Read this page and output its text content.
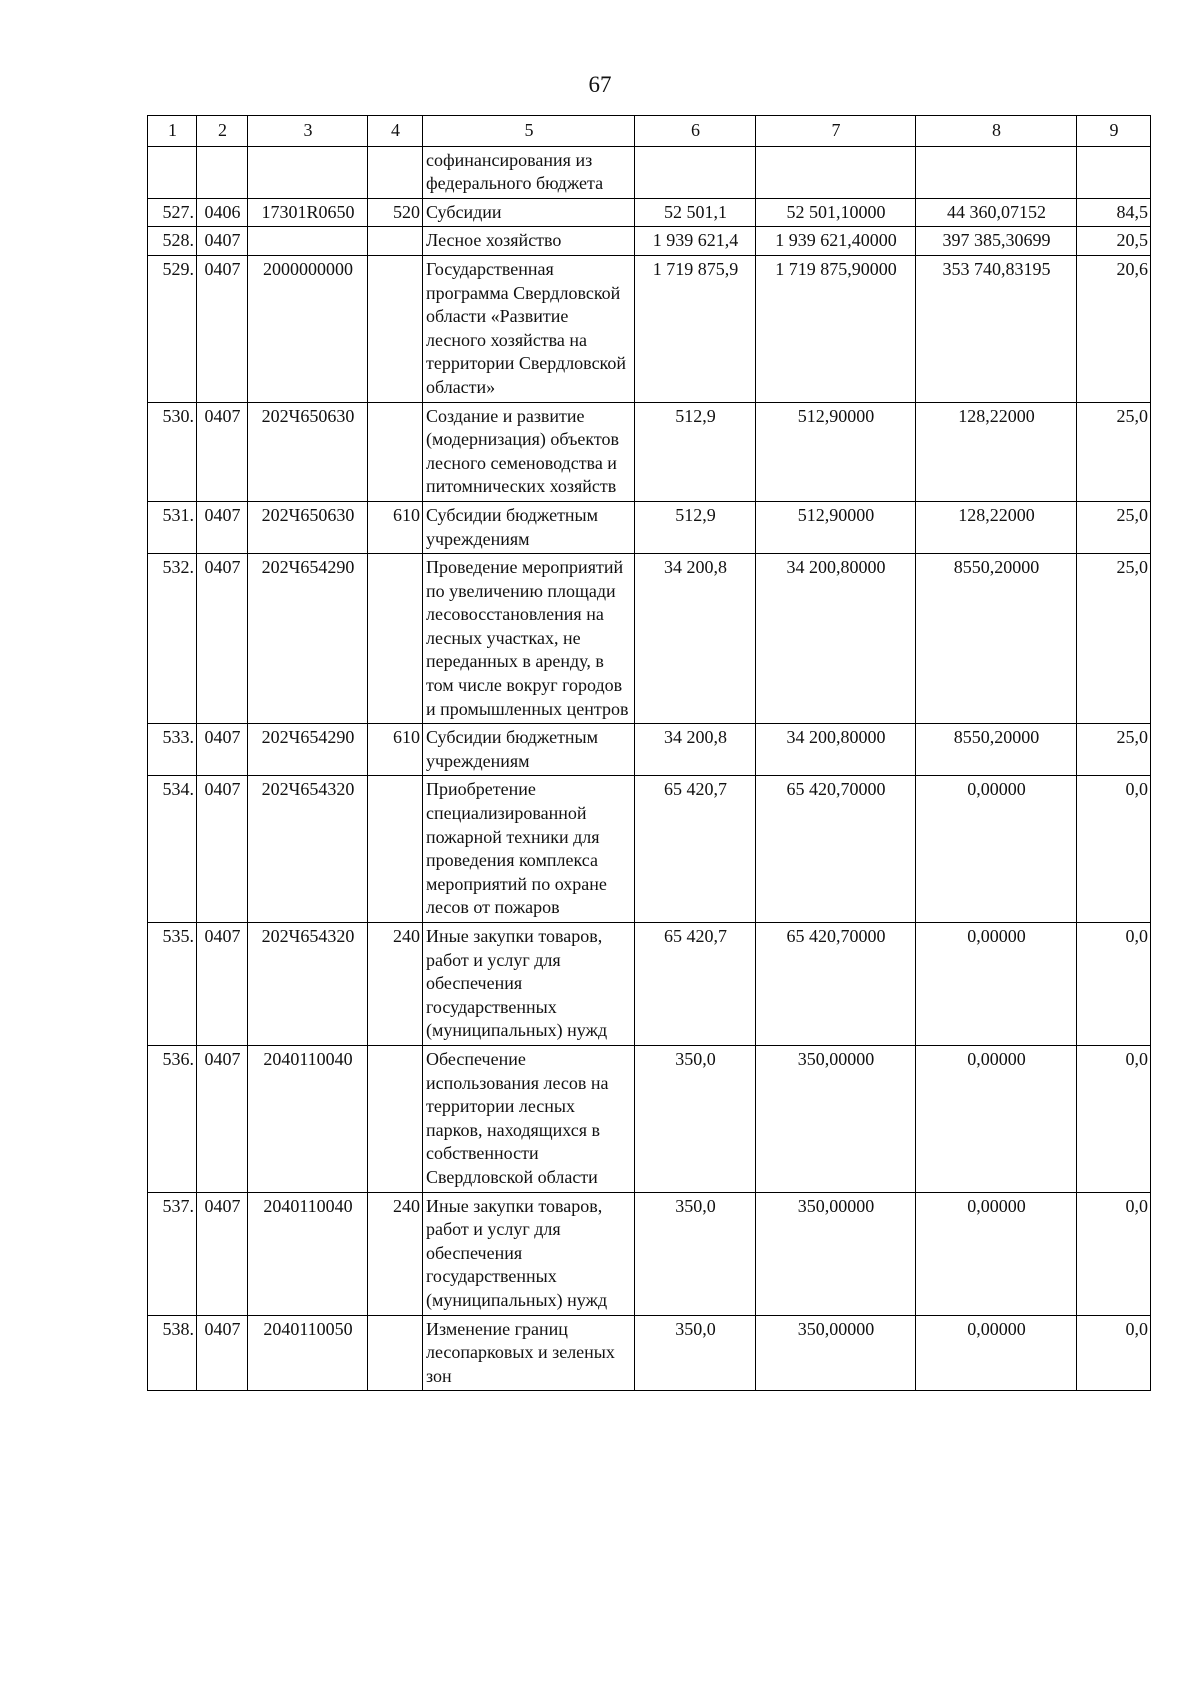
67
1	2	3	4	5	6	7	8	9
				софинансирования из федерального бюджета				
527.	0406	17301R0650	520	Субсидии	52 501,1	52 501,10000	44 360,07152	84,5
528.	0407			Лесное хозяйство	1 939 621,4	1 939 621,40000	397 385,30699	20,5
529.	0407	2000000000		Государственная программа Свердловской области «Развитие лесного хозяйства на территории Свердловской области»	1 719 875,9	1 719 875,90000	353 740,83195	20,6
530.	0407	202Ч650630		Создание и развитие (модернизация) объектов лесного семеноводства и питомнических хозяйств	512,9	512,90000	128,22000	25,0
531.	0407	202Ч650630	610	Субсидии бюджетным учреждениям	512,9	512,90000	128,22000	25,0
532.	0407	202Ч654290		Проведение мероприятий по увеличению площади лесовосстановления на лесных участках, не переданных в аренду, в том числе вокруг городов и промышленных центров	34 200,8	34 200,80000	8550,20000	25,0
533.	0407	202Ч654290	610	Субсидии бюджетным учреждениям	34 200,8	34 200,80000	8550,20000	25,0
534.	0407	202Ч654320		Приобретение специализированной пожарной техники для проведения комплекса мероприятий по охране лесов от пожаров	65 420,7	65 420,70000	0,00000	0,0
535.	0407	202Ч654320	240	Иные закупки товаров, работ и услуг для обеспечения государственных (муниципальных) нужд	65 420,7	65 420,70000	0,00000	0,0
536.	0407	2040110040		Обеспечение использования лесов на территории лесных парков, находящихся в собственности Свердловской области	350,0	350,00000	0,00000	0,0
537.	0407	2040110040	240	Иные закупки товаров, работ и услуг для обеспечения государственных (муниципальных) нужд	350,0	350,00000	0,00000	0,0
538.	0407	2040110050		Изменение границ лесопарковых и зеленых зон	350,0	350,00000	0,00000	0,0
